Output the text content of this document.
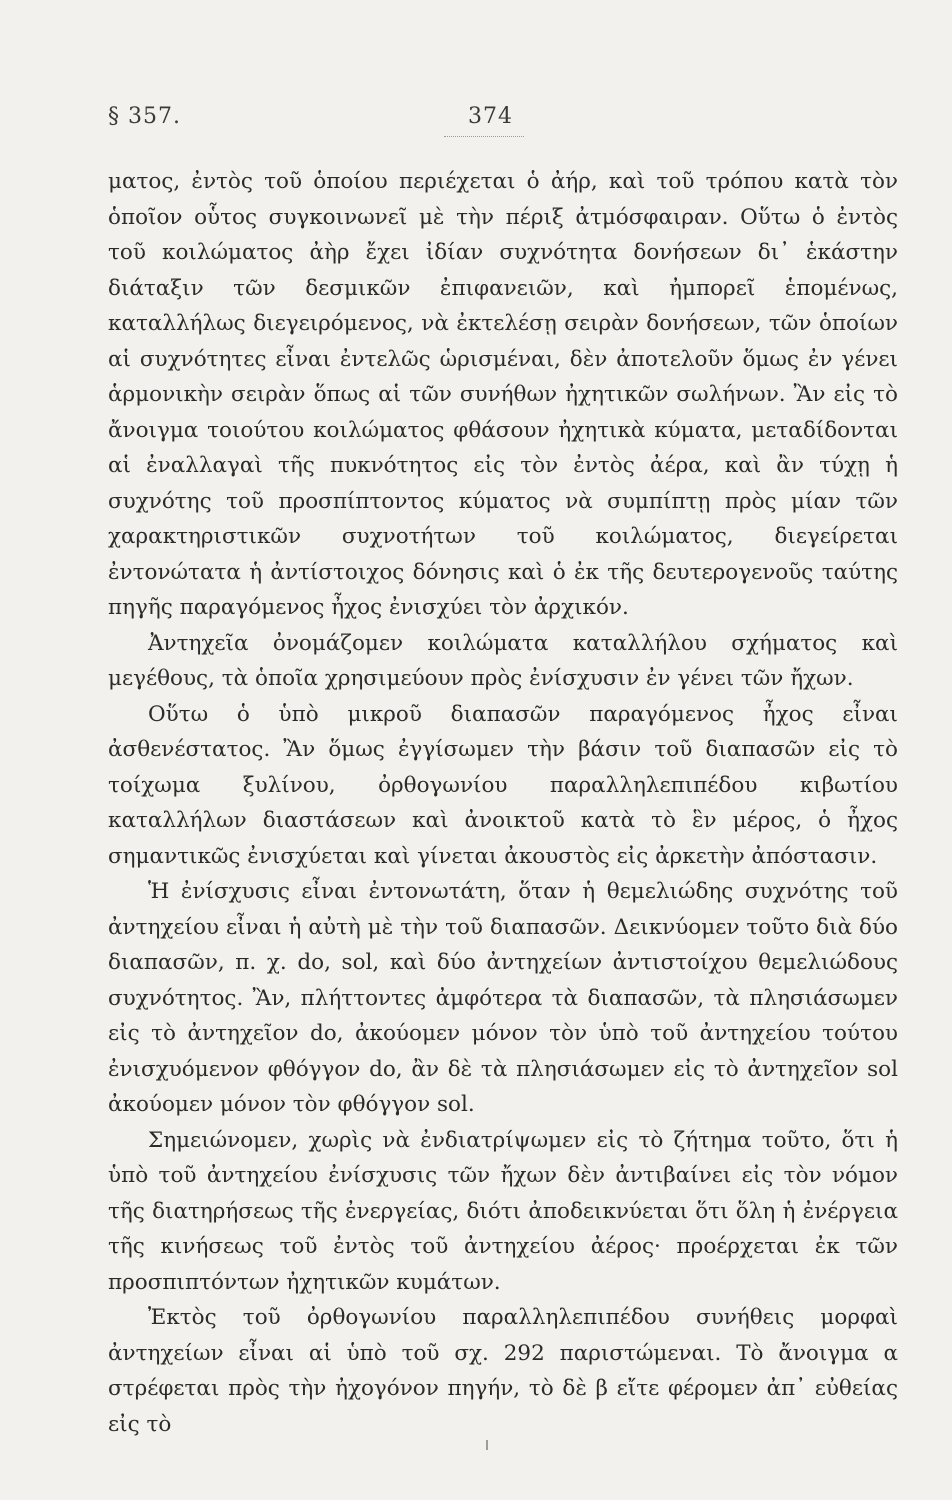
§ 357.	374

ματος, ἐντὸς τοῦ ὁποίου περιέχεται ὁ ἀήρ, καὶ τοῦ τρόπου κατὰ τὸν ὁποῖον οὗτος συγκοινωνεῖ μὲ τὴν πέριξ ἀτμόσφαιραν. Οὕτω ὁ ἐντὸς τοῦ κοιλώματος ἀὴρ ἔχει ἰδίαν συχνότητα δονήσεων δι᾽ ἑκάστην διάταξιν τῶν δεσμικῶν ἐπιφανειῶν, καὶ ἠμπορεῖ ἑπομένως, καταλλήλως διεγειρόμενος, νὰ ἐκτελέσῃ σειρὰν δονήσεων, τῶν ὁποίων αἱ συχνότητες εἶναι ἐντελῶς ὡρισμέναι, δὲν ἀποτελοῦν ὅμως ἐν γένει ἁρμονικὴν σειρὰν ὅπως αἱ τῶν συνήθων ἠχητικῶν σωλήνων. Ἂν εἰς τὸ ἄνοιγμα τοιούτου κοιλώματος φθάσουν ἠχητικὰ κύματα, μεταδίδονται αἱ ἐναλλαγαὶ τῆς πυκνότητος εἰς τὸν ἐντὸς ἀέρα, καὶ ἂν τύχῃ ἡ συχνότης τοῦ προσπίπτοντος κύματος νὰ συμπίπτῃ πρὸς μίαν τῶν χαρακτηριστικῶν συχνοτήτων τοῦ κοιλώματος, διεγείρεται ἐντονώτατα ἡ ἀντίστοιχος δόνησις καὶ ὁ ἐκ τῆς δευτερογενοῦς ταύτης πηγῆς παραγόμενος ἦχος ἐνισχύει τὸν ἀρχικόν.

Ἀντηχεῖα ὀνομάζομεν κοιλώματα καταλλήλου σχήματος καὶ μεγέθους, τὰ ὁποῖα χρησιμεύουν πρὸς ἐνίσχυσιν ἐν γένει τῶν ἤχων.

Οὕτω ὁ ὑπὸ μικροῦ διαπασῶν παραγόμενος ἦχος εἶναι ἀσθενέστατος. Ἂν ὅμως ἐγγίσωμεν τὴν βάσιν τοῦ διαπασῶν εἰς τὸ τοίχωμα ξυλίνου, ὀρθογωνίου παραλληλεπιπέδου κιβωτίου καταλλήλων διαστάσεων καὶ ἀνοικτοῦ κατὰ τὸ ἓν μέρος, ὁ ἦχος σημαντικῶς ἐνισχύεται καὶ γίνεται ἀκουστὸς εἰς ἀρκετὴν ἀπόστασιν.

Ἡ ἐνίσχυσις εἶναι ἐντονωτάτη, ὅταν ἡ θεμελιώδης συχνότης τοῦ ἀντηχείου εἶναι ἡ αὐτὴ μὲ τὴν τοῦ διαπασῶν. Δεικνύομεν τοῦτο διὰ δύο διαπασῶν, π. χ. do, sol, καὶ δύο ἀντηχείων ἀντιστοίχου θεμελιώδους συχνότητος. Ἂν, πλήττοντες ἀμφότερα τὰ διαπασῶν, τὰ πλησιάσωμεν εἰς τὸ ἀντηχεῖον do, ἀκούομεν μόνον τὸν ὑπὸ τοῦ ἀντηχείου τούτου ἐνισχυόμενον φθόγγον do, ἂν δὲ τὰ πλησιάσωμεν εἰς τὸ ἀντηχεῖον sol ἀκούομεν μόνον τὸν φθόγγον sol.

Σημειώνομεν, χωρὶς νὰ ἐνδιατρίψωμεν εἰς τὸ ζήτημα τοῦτο, ὅτι ἡ ὑπὸ τοῦ ἀντηχείου ἐνίσχυσις τῶν ἤχων δὲν ἀντιβαίνει εἰς τὸν νόμον τῆς διατηρήσεως τῆς ἐνεργείας, διότι ἀποδεικνύεται ὅτι ὅλη ἡ ἐνέργεια τῆς κινήσεως τοῦ ἐντὸς τοῦ ἀντηχείου ἀέρος· προέρχεται ἐκ τῶν προσπιπτόντων ἠχητικῶν κυμάτων.

Ἐκτὸς τοῦ ὀρθογωνίου παραλληλεπιπέδου συνήθεις μορφαὶ ἀντηχείων εἶναι αἱ ὑπὸ τοῦ σχ. 292 παριστώμεναι. Τὸ ἄνοιγμα α στρέφεται πρὸς τὴν ἠχογόνον πηγήν, τὸ δὲ β εἴτε φέρομεν ἀπ᾽ εὐθείας εἰς τὸ
